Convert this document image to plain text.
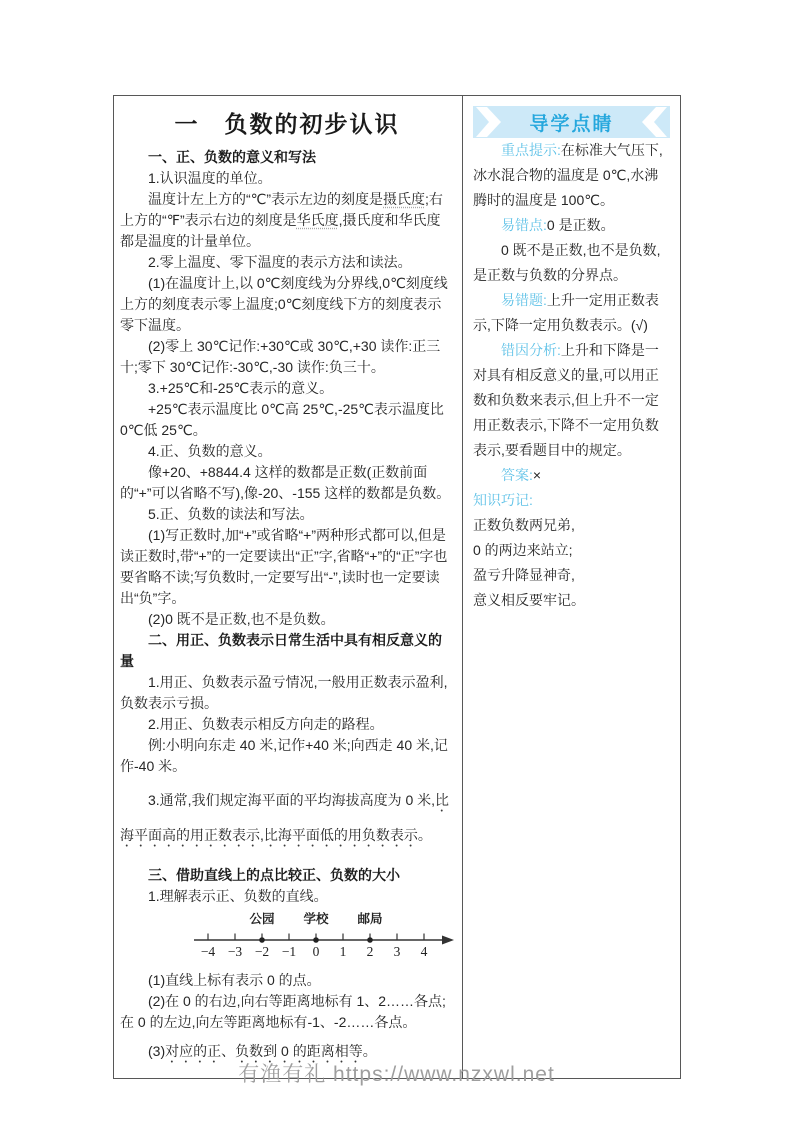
一　负数的初步认识

一、正、负数的意义和写法

1.认识温度的单位。

温度计左上方的“℃”表示左边的刻度是摄氏度;右上方的“℉”表示右边的刻度是华氏度,摄氏度和华氏度都是温度的计量单位。

2.零上温度、零下温度的表示方法和读法。

(1)在温度计上,以 0℃刻度线为分界线,0℃刻度线上方的刻度表示零上温度;0℃刻度线下方的刻度表示零下温度。

(2)零上 30℃记作:+30℃或 30℃,+30 读作:正三十;零下 30℃记作:-30℃,-30 读作:负三十。

3.+25℃和-25℃表示的意义。

+25℃表示温度比 0℃高 25℃,-25℃表示温度比 0℃低 25℃。

4.正、负数的意义。

像+20、+8844.4 这样的数都是正数(正数前面的“+”可以省略不写),像-20、-155 这样的数都是负数。

5.正、负数的读法和写法。

(1)写正数时,加“+”或省略“+”两种形式都可以,但是读正数时,带“+”的一定要读出“正”字,省略“+”的“正”字也要省略不读;写负数时,一定要写出“-”,读时也一定要读出“负”字。

(2)0 既不是正数,也不是负数。

二、用正、负数表示日常生活中具有相反意义的量

1.用正、负数表示盈亏情况,一般用正数表示盈利,负数表示亏损。

2.用正、负数表示相反方向走的路程。

例:小明向东走 40 米,记作+40 米;向西走 40 米,记作-40 米。

3.通常,我们规定海平面的平均海拔高度为 0 米,比海平面高的用正数表示,比海平面低的用负数表示。

三、借助直线上的点比较正、负数的大小

1.理解表示正、负数的直线。

公园 学校 邮局
−4 −3 −2 −1 0 1 2 3 4

(1)直线上标有表示 0 的点。

(2)在 0 的右边,向右等距离地标有 1、2……各点;在 0 的左边,向左等距离地标有-1、-2……各点。

(3)对应的正、负数到 0 的距离相等。

导学点睛

重点提示:在标准大气压下,冰水混合物的温度是 0℃,水沸腾时的温度是 100℃。

易错点:0 是正数。

0 既不是正数,也不是负数,是正数与负数的分界点。

易错题:上升一定用正数表示,下降一定用负数表示。(√)

错因分析:上升和下降是一对具有相反意义的量,可以用正数和负数来表示,但上升不一定用正数表示,下降不一定用负数表示,要看题目中的规定。

答案:×

知识巧记:

正数负数两兄弟,

0 的两边来站立;

盈亏升降显神奇,

意义相反要牢记。

有渔有礼 https://www.nzxwl.net
